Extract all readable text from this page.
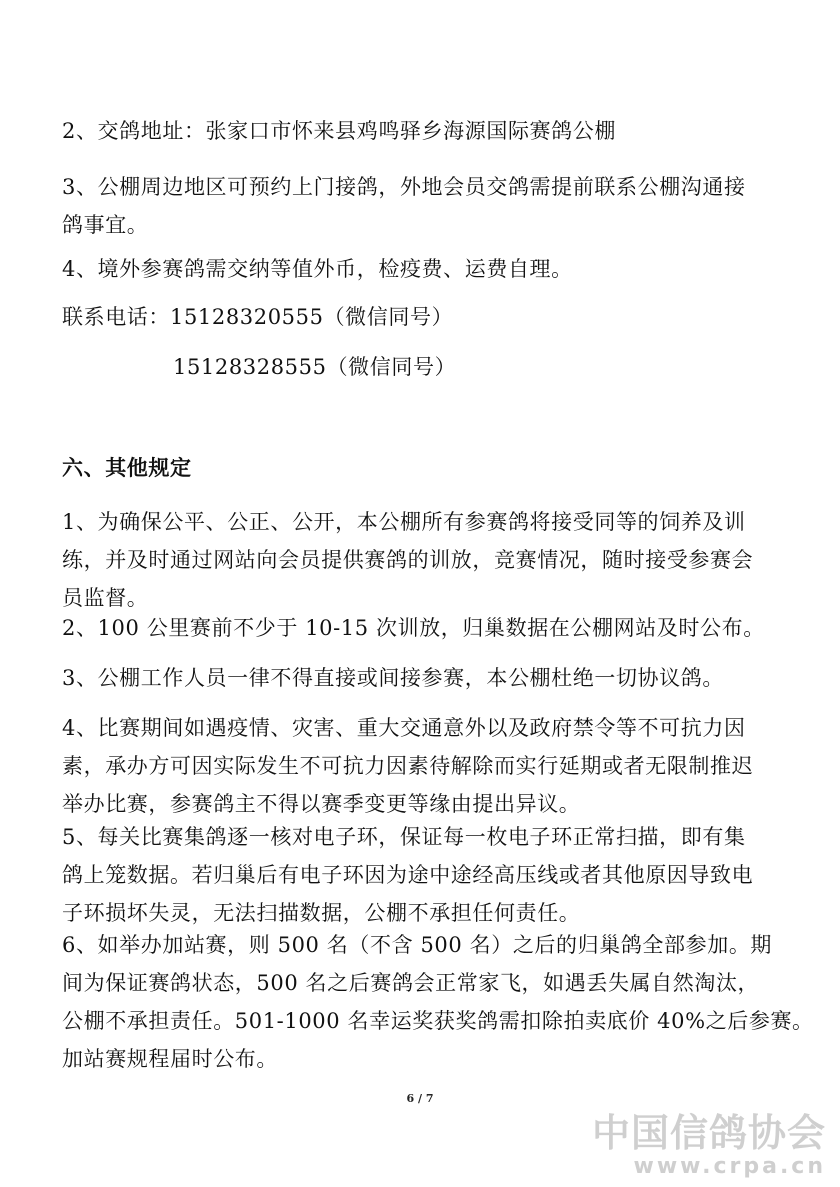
2、交鸽地址：张家口市怀来县鸡鸣驿乡海源国际赛鸽公棚

3、公棚周边地区可预约上门接鸽，外地会员交鸽需提前联系公棚沟通接
鸽事宜。

4、境外参赛鸽需交纳等值外币，检疫费、运费自理。

联系电话：15128320555（微信同号）

15128328555（微信同号）
六、其他规定

1、为确保公平、公正、公开，本公棚所有参赛鸽将接受同等的饲养及训
练，并及时通过网站向会员提供赛鸽的训放，竞赛情况，随时接受参赛会
员监督。

2、100 公里赛前不少于 10-15 次训放，归巢数据在公棚网站及时公布。

3、公棚工作人员一律不得直接或间接参赛，本公棚杜绝一切协议鸽。

4、比赛期间如遇疫情、灾害、重大交通意外以及政府禁令等不可抗力因
素，承办方可因实际发生不可抗力因素待解除而实行延期或者无限制推迟
举办比赛，参赛鸽主不得以赛季变更等缘由提出异议。

5、每关比赛集鸽逐一核对电子环，保证每一枚电子环正常扫描，即有集
鸽上笼数据。若归巢后有电子环因为途中途经高压线或者其他原因导致电
子环损坏失灵，无法扫描数据，公棚不承担任何责任。

6、如举办加站赛，则 500 名（不含 500 名）之后的归巢鸽全部参加。期
间为保证赛鸽状态，500 名之后赛鸽会正常家飞，如遇丢失属自然淘汰，
公棚不承担责任。501-1000 名幸运奖获奖鸽需扣除拍卖底价 40%之后参赛。
加站赛规程届时公布。

6 / 7
中国信鸽协会
www.crpa.cn
